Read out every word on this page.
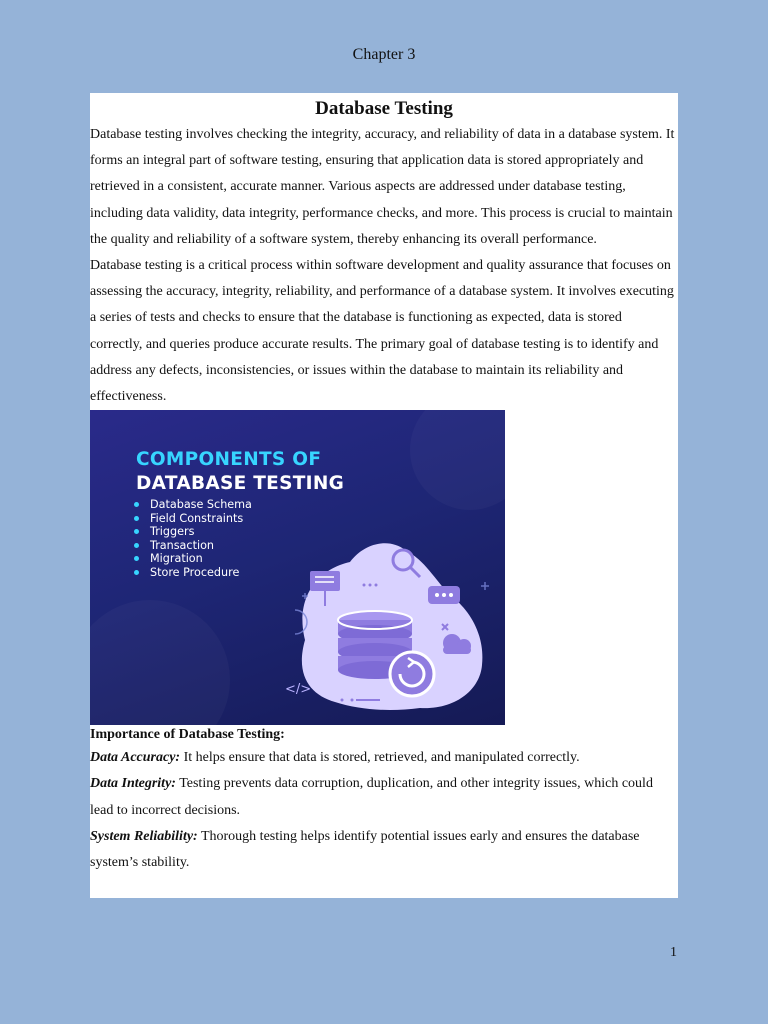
Chapter 3
Database Testing

Database testing involves checking the integrity, accuracy, and reliability of data in a database system. It forms an integral part of software testing, ensuring that application data is stored appropriately and retrieved in a consistent, accurate manner. Various aspects are addressed under database testing, including data validity, data integrity, performance checks, and more. This process is crucial to maintain the quality and reliability of a software system, thereby enhancing its overall performance.

Database testing is a critical process within software development and quality assurance that focuses on assessing the accuracy, integrity, reliability, and performance of a database system. It involves executing a series of tests and checks to ensure that the database is functioning as expected, data is stored correctly, and queries produce accurate results. The primary goal of database testing is to identify and address any defects, inconsistencies, or issues within the database to maintain its reliability and effectiveness.

</>
COMPONENTS OF
DATABASE TESTING
Database Schema
Field Constraints
Triggers
Transaction
Migration
Store Procedure

Importance of Database Testing:

Data Accuracy: It helps ensure that data is stored, retrieved, and manipulated correctly.

Data Integrity: Testing prevents data corruption, duplication, and other integrity issues, which could lead to incorrect decisions.

System Reliability: Thorough testing helps identify potential issues early and ensures the database system’s stability.

1
